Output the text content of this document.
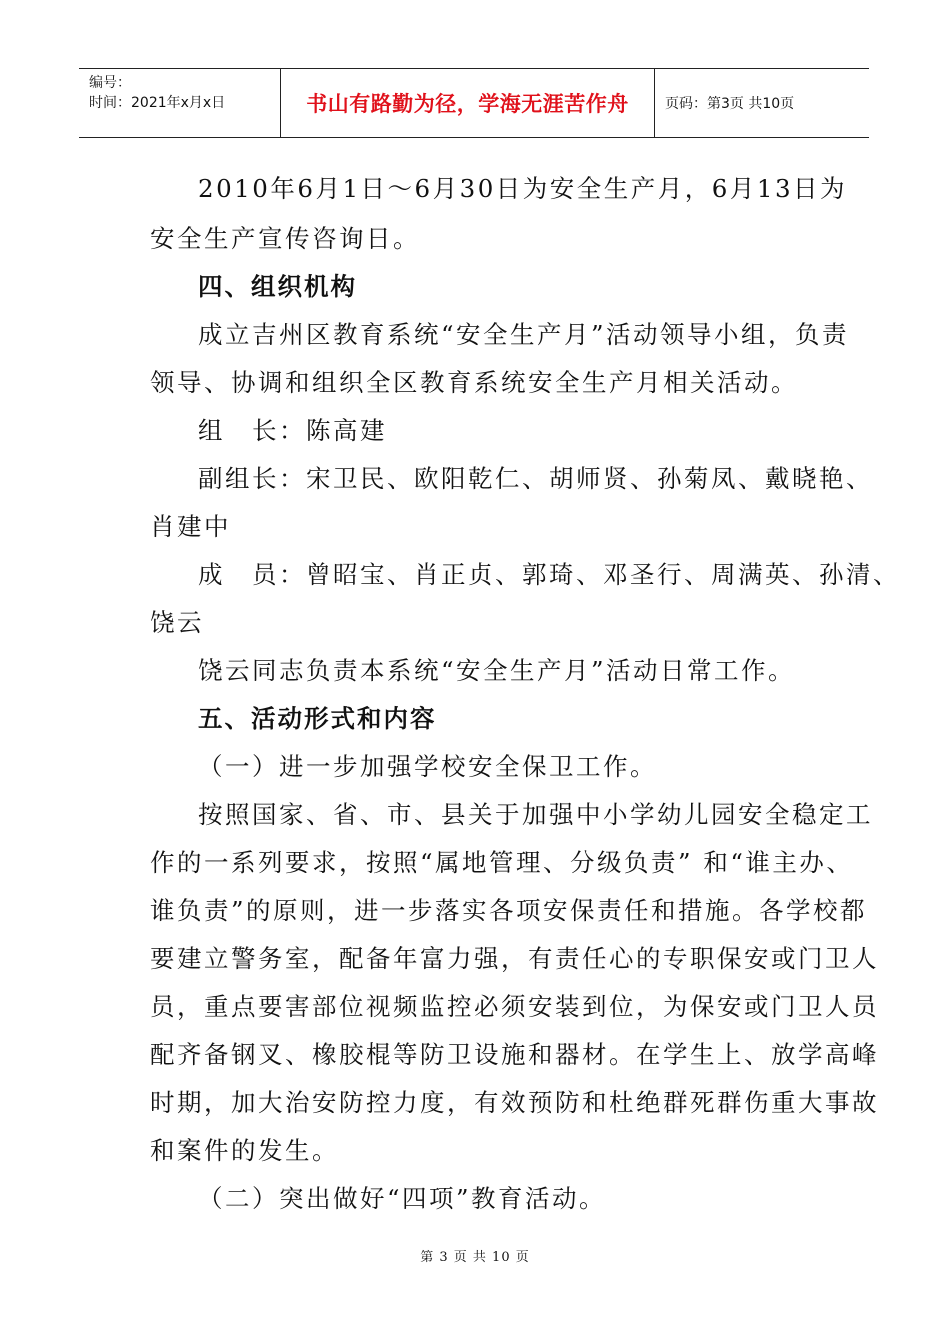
编号：
时间：2021年x月x日	书山有路勤为径，学海无涯苦作舟	页码：第3页 共10页
2010年6月1日～6月30日为安全生产月，6月13日为
安全生产宣传咨询日。
四、组织机构
成立吉州区教育系统“安全生产月”活动领导小组，负责
领导、协调和组织全区教育系统安全生产月相关活动。
组　长：陈高建
副组长：宋卫民、欧阳乾仁、胡师贤、孙菊凤、戴晓艳、
肖建中
成　员：曾昭宝、肖正贞、郭琦、邓圣行、周满英、孙清、
饶云
饶云同志负责本系统“安全生产月”活动日常工作。
五、活动形式和内容
（一）进一步加强学校安全保卫工作。
按照国家、省、市、县关于加强中小学幼儿园安全稳定工
作的一系列要求，按照“属地管理、分级负责” 和“谁主办、
谁负责”的原则，进一步落实各项安保责任和措施。各学校都
要建立警务室，配备年富力强，有责任心的专职保安或门卫人
员，重点要害部位视频监控必须安装到位，为保安或门卫人员
配齐备钢叉、橡胶棍等防卫设施和器材。在学生上、放学高峰
时期，加大治安防控力度，有效预防和杜绝群死群伤重大事故
和案件的发生。
（二）突出做好“四项”教育活动。
第 3 页 共 10 页
